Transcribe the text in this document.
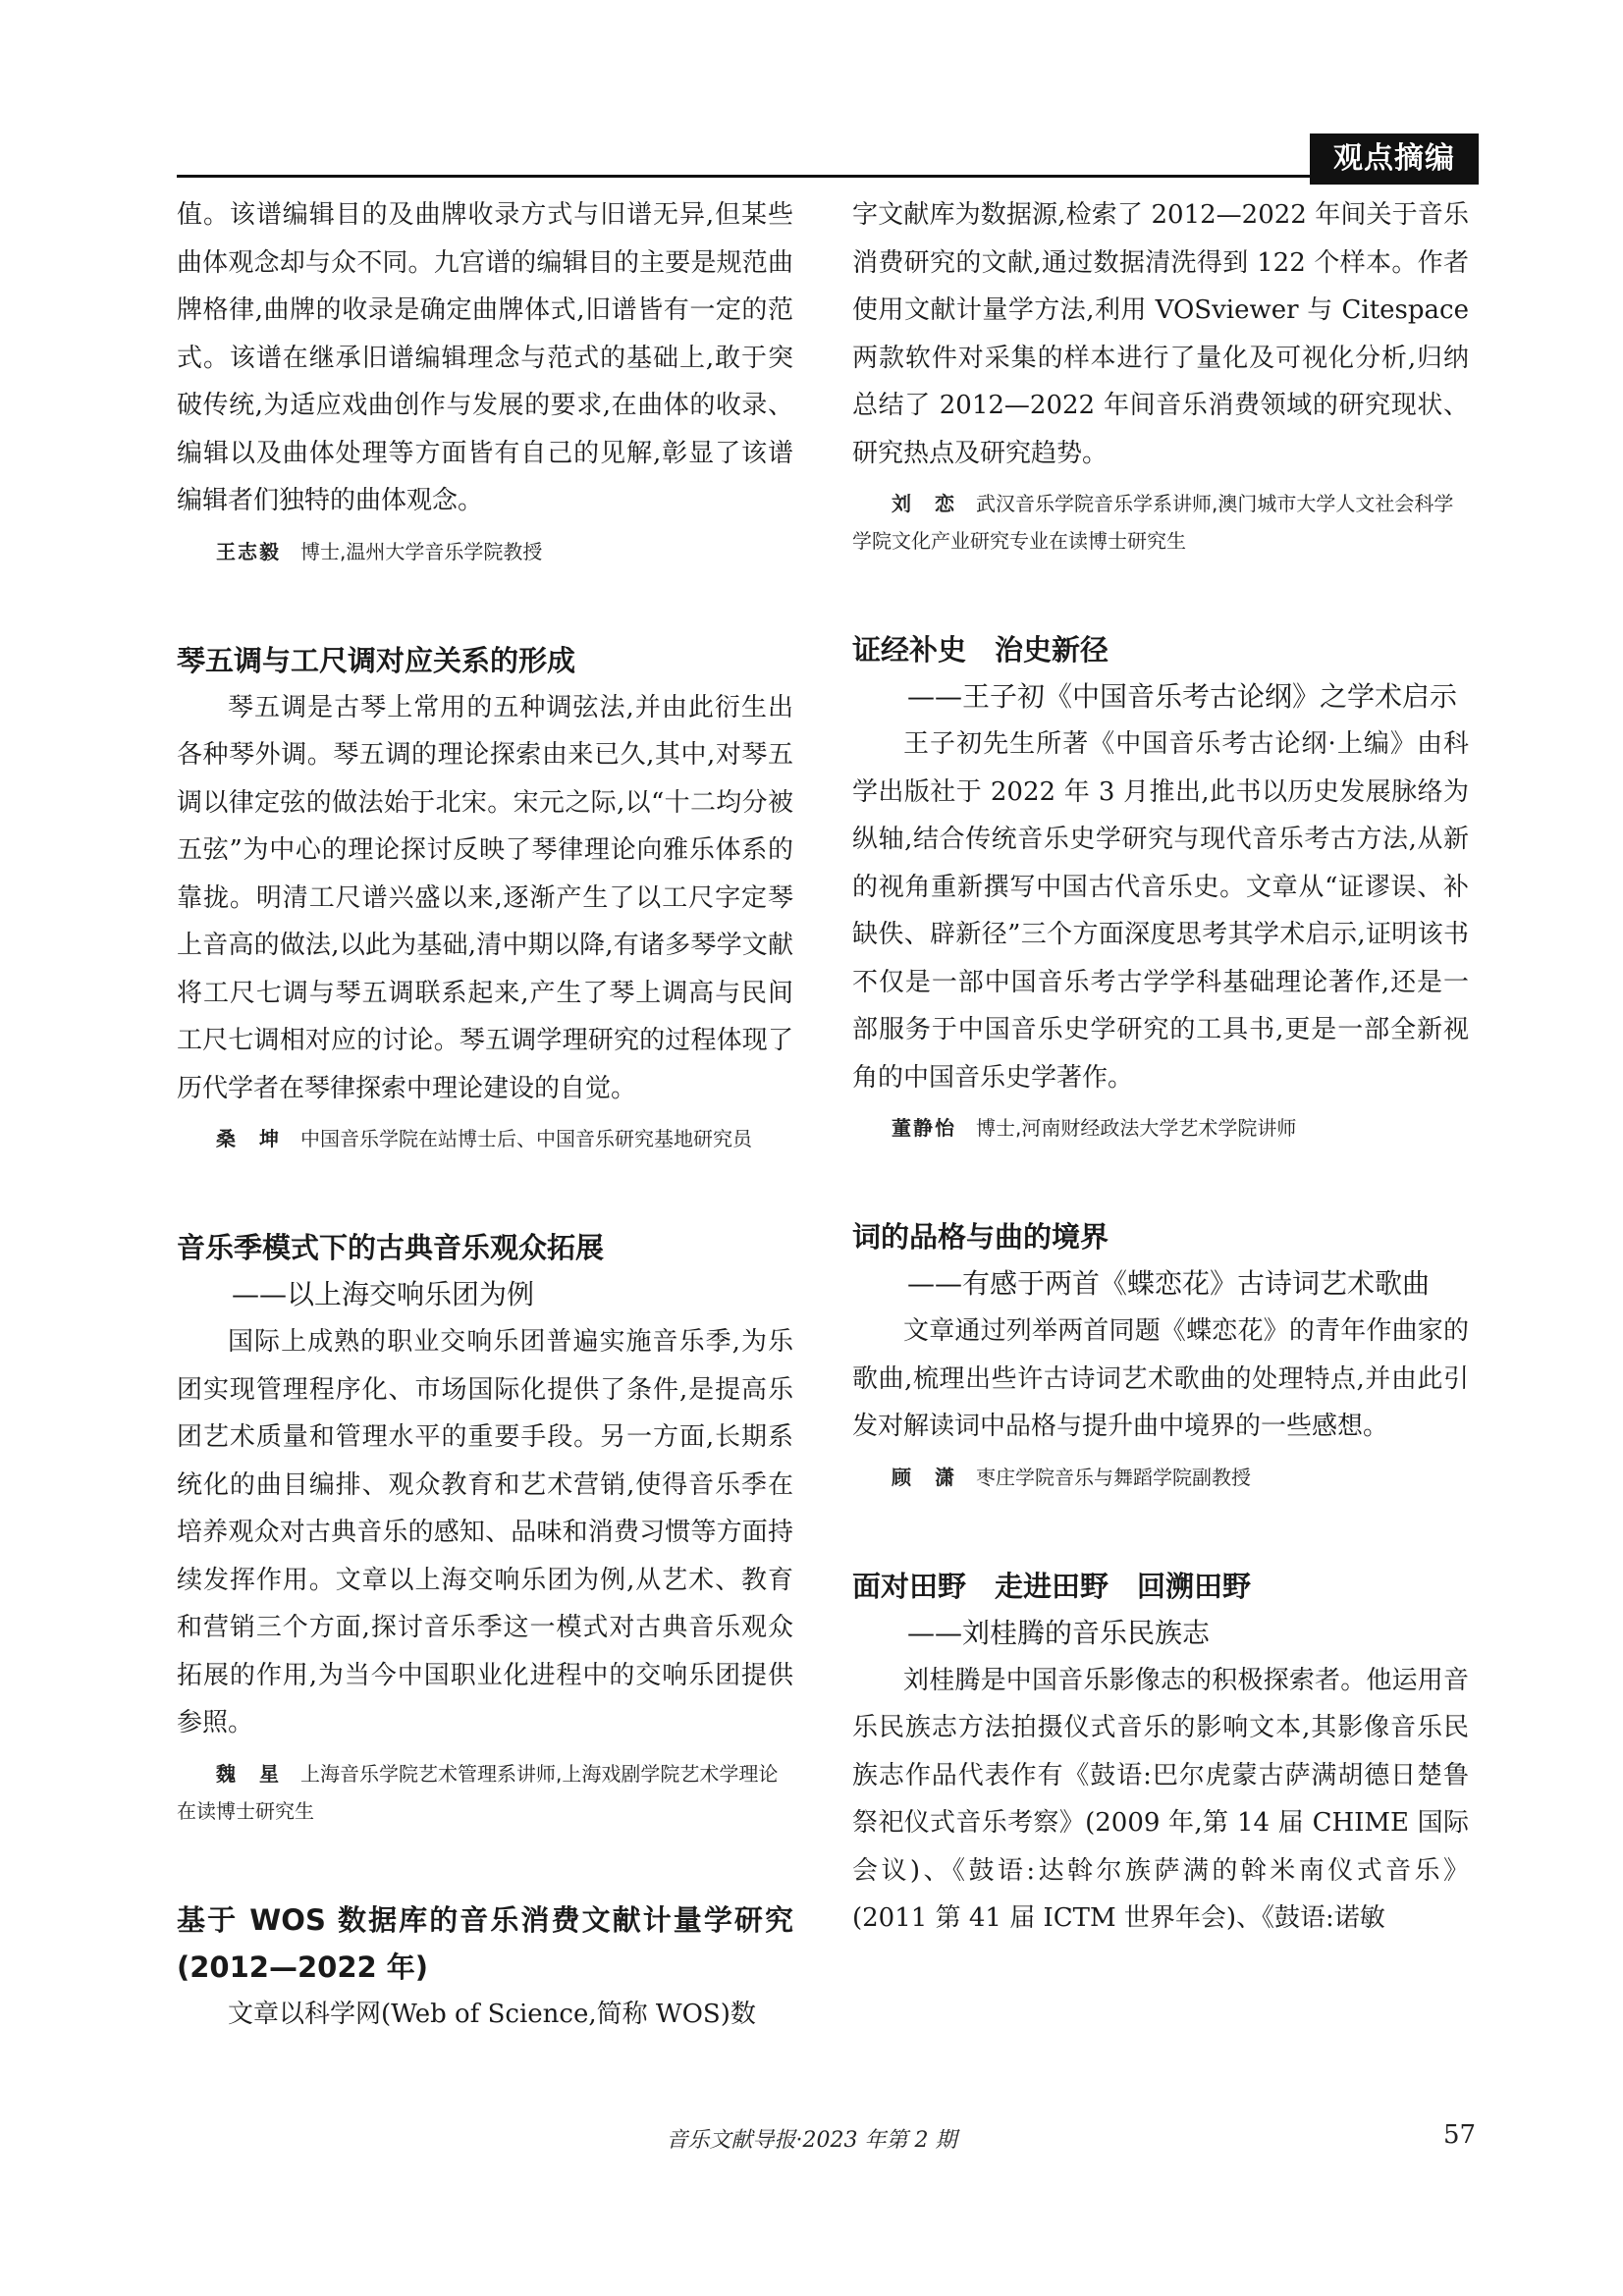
观点摘编

值。该谱编辑目的及曲牌收录方式与旧谱无异,但某些曲体观念却与众不同。九宫谱的编辑目的主要是规范曲牌格律,曲牌的收录是确定曲牌体式,旧谱皆有一定的范式。该谱在继承旧谱编辑理念与范式的基础上,敢于突破传统,为适应戏曲创作与发展的要求,在曲体的收录、编辑以及曲体处理等方面皆有自己的见解,彰显了该谱编辑者们独特的曲体观念。

王志毅 博士,温州大学音乐学院教授

琴五调与工尺调对应关系的形成

琴五调是古琴上常用的五种调弦法,并由此衍生出各种琴外调。琴五调的理论探索由来已久,其中,对琴五调以律定弦的做法始于北宋。宋元之际,以“十二均分被五弦”为中心的理论探讨反映了琴律理论向雅乐体系的靠拢。明清工尺谱兴盛以来,逐渐产生了以工尺字定琴上音高的做法,以此为基础,清中期以降,有诸多琴学文献将工尺七调与琴五调联系起来,产生了琴上调高与民间工尺七调相对应的讨论。琴五调学理研究的过程体现了历代学者在琴律探索中理论建设的自觉。

桑　坤 中国音乐学院在站博士后、中国音乐研究基地研究员

音乐季模式下的古典音乐观众拓展

——以上海交响乐团为例

国际上成熟的职业交响乐团普遍实施音乐季,为乐团实现管理程序化、市场国际化提供了条件,是提高乐团艺术质量和管理水平的重要手段。另一方面,长期系统化的曲目编排、观众教育和艺术营销,使得音乐季在培养观众对古典音乐的感知、品味和消费习惯等方面持续发挥作用。文章以上海交响乐团为例,从艺术、教育和营销三个方面,探讨音乐季这一模式对古典音乐观众拓展的作用,为当今中国职业化进程中的交响乐团提供参照。

魏　星 上海音乐学院艺术管理系讲师,上海戏剧学院艺术学理论在读博士研究生

基于 WOS 数据库的音乐消费文献计量学研究(2012—2022 年)

文章以科学网(Web of Science,简称 WOS)数

字文献库为数据源,检索了 2012—2022 年间关于音乐消费研究的文献,通过数据清洗得到 122 个样本。作者使用文献计量学方法,利用 VOSviewer 与 Citespace 两款软件对采集的样本进行了量化及可视化分析,归纳总结了 2012—2022 年间音乐消费领域的研究现状、研究热点及研究趋势。

刘　恋 武汉音乐学院音乐学系讲师,澳门城市大学人文社会科学学院文化产业研究专业在读博士研究生

证经补史　治史新径

——王子初《中国音乐考古论纲》之学术启示

王子初先生所著《中国音乐考古论纲·上编》由科学出版社于 2022 年 3 月推出,此书以历史发展脉络为纵轴,结合传统音乐史学研究与现代音乐考古方法,从新的视角重新撰写中国古代音乐史。文章从“证谬误、补缺佚、辟新径”三个方面深度思考其学术启示,证明该书不仅是一部中国音乐考古学学科基础理论著作,还是一部服务于中国音乐史学研究的工具书,更是一部全新视角的中国音乐史学著作。

董静怡 博士,河南财经政法大学艺术学院讲师

词的品格与曲的境界

——有感于两首《蝶恋花》古诗词艺术歌曲

文章通过列举两首同题《蝶恋花》的青年作曲家的歌曲,梳理出些许古诗词艺术歌曲的处理特点,并由此引发对解读词中品格与提升曲中境界的一些感想。

顾　潇 枣庄学院音乐与舞蹈学院副教授

面对田野　走进田野　回溯田野

——刘桂腾的音乐民族志

刘桂腾是中国音乐影像志的积极探索者。他运用音乐民族志方法拍摄仪式音乐的影响文本,其影像音乐民族志作品代表作有《鼓语:巴尔虎蒙古萨满胡德日楚鲁祭祀仪式音乐考察》(2009 年,第 14 届 CHIME 国际会议)、《鼓语:达斡尔族萨满的斡米南仪式音乐》(2011 第 41 届 ICTM 世界年会)、《鼓语:诺敏

音乐文献导报·2023 年第 2 期	57
